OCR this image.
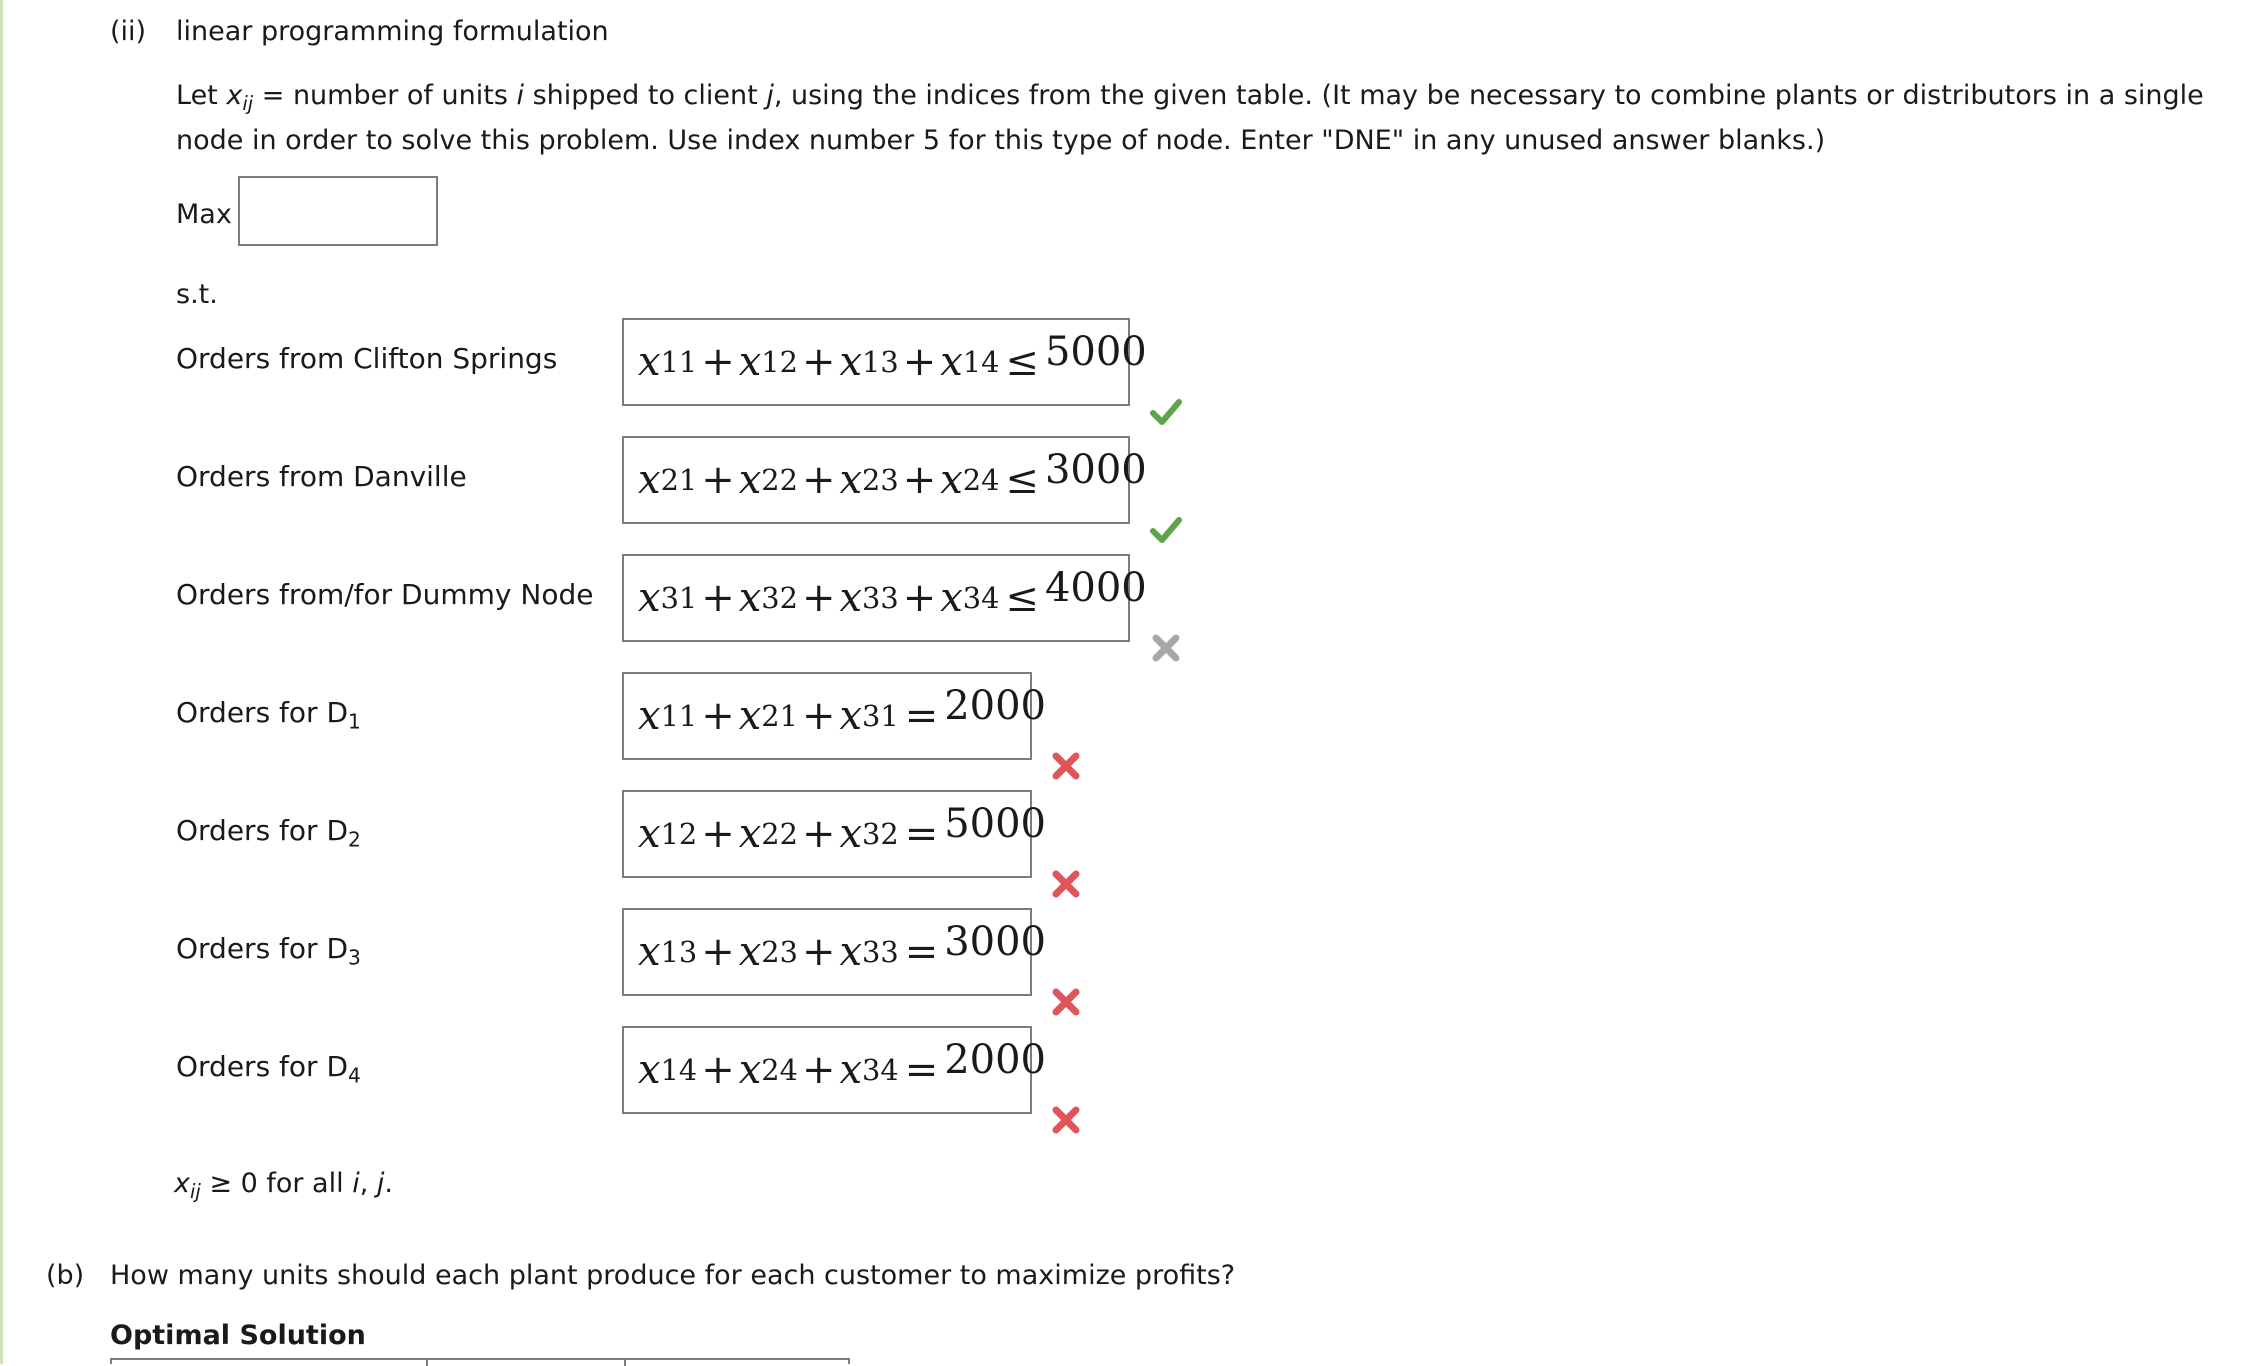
(ii) linear programming formulation
Let $x_{ij}$ = number of units i shipped to client j, using the indices from the given table. (It may be necessary to combine plants or distributors in a single
node in order to solve this problem. Use index number 5 for this type of node. Enter "DNE" in any unused answer blanks.)
Max
s.t.
Orders from Clifton Springs x 11 + x 12 + x 13 + x 14 ≤ 5000
Orders from Danville	x 21 + x 22 + x 23 + x 24 ≤ 3000
Orders from/for Dummy Node x 31 + x 32 + x 33 + x 34 ≤ 4000
Orders for $D_1$	x 11 + x 21 + x 31 = 2000
Orders for $D_2$	x 12 + x 22 + x 32 = 5000
Orders for $D_3$	x 13 + x 23 + x 33 = 3000
Orders for $D_4$	x 14 + x 24 + x 34 = 2000
$x_{ij} \ge 0$ for all i, j.
(b) How many units should each plant produce for each customer to maximize profits?
Optimal Solution
